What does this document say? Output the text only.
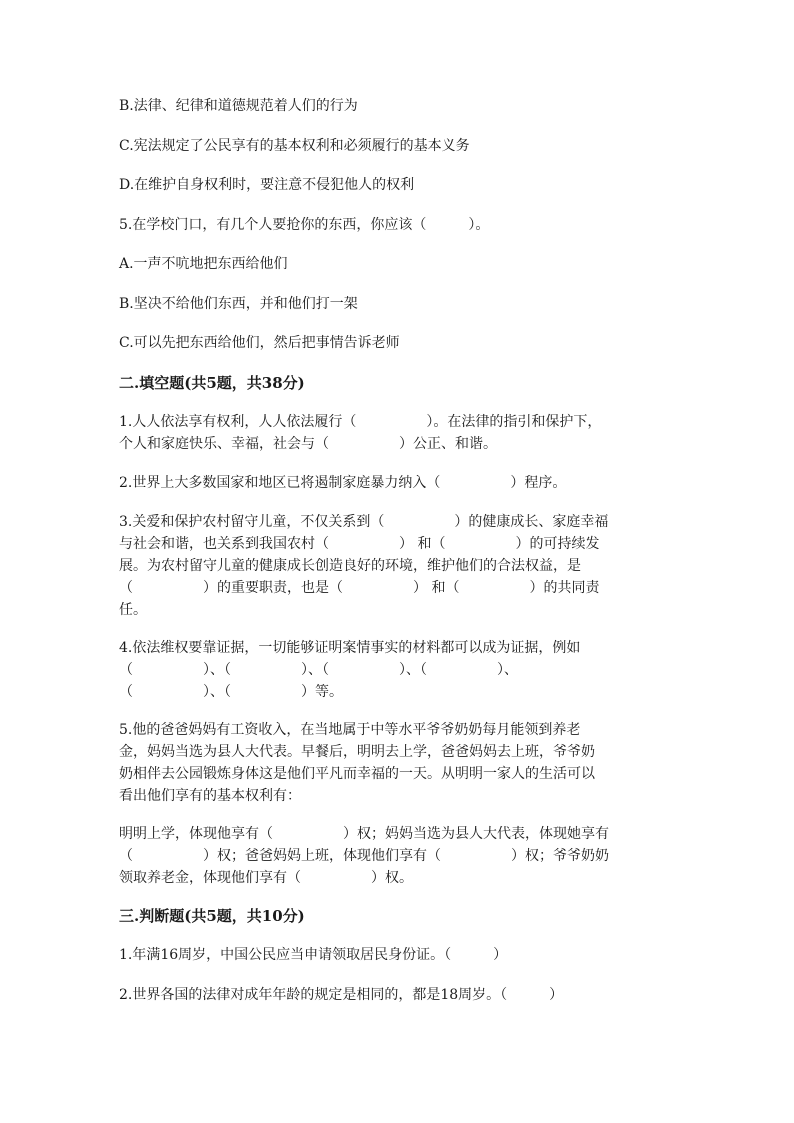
B.法律、纪律和道德规范着人们的行为
C.宪法规定了公民享有的基本权利和必须履行的基本义务
D.在维护自身权利时，要注意不侵犯他人的权利
5.在学校门口，有几个人要抢你的东西，你应该（　　　）。
A.一声不吭地把东西给他们
B.坚决不给他们东西，并和他们打一架
C.可以先把东西给他们，然后把事情告诉老师
二.填空题(共5题，共38分)
1.人人依法享有权利，人人依法履行（　　　　　）。在法律的指引和保护下，
个人和家庭快乐、幸福，社会与（　　　　　）公正、和谐。
2.世界上大多数国家和地区已将遏制家庭暴力纳入（　　　　　）程序。
3.关爱和保护农村留守儿童，不仅关系到（　　　　　）的健康成长、家庭幸福
与社会和谐，也关系到我国农村（　　　　　） 和（　　　　　）的可持续发
展。为农村留守儿童的健康成长创造良好的环境，维护他们的合法权益，是
（　　　　　）的重要职责，也是（　　　　　） 和（　　　　　）的共同责
任。
4.依法维权要靠证据，一切能够证明案情事实的材料都可以成为证据，例如
（　　　　　）、（　　　　　）、（　　　　　）、（　　　　　）、
（　　　　　）、（　　　　　）等。
5.他的爸爸妈妈有工资收入，在当地属于中等水平爷爷奶奶每月能领到养老
金，妈妈当选为县人大代表。早餐后，明明去上学，爸爸妈妈去上班，爷爷奶
奶相伴去公园锻炼身体这是他们平凡而幸福的一天。从明明一家人的生活可以
看出他们享有的基本权利有：
明明上学，体现他享有（　　　　　）权；妈妈当选为县人大代表，体现她享有
（　　　　　）权；爸爸妈妈上班，体现他们享有（　　　　　）权；爷爷奶奶
领取养老金，体现他们享有（　　　　　）权。
三.判断题(共5题，共10分)
1.年满16周岁，中国公民应当申请领取居民身份证。（　　　）
2.世界各国的法律对成年年龄的规定是相同的，都是18周岁。（　　　）
